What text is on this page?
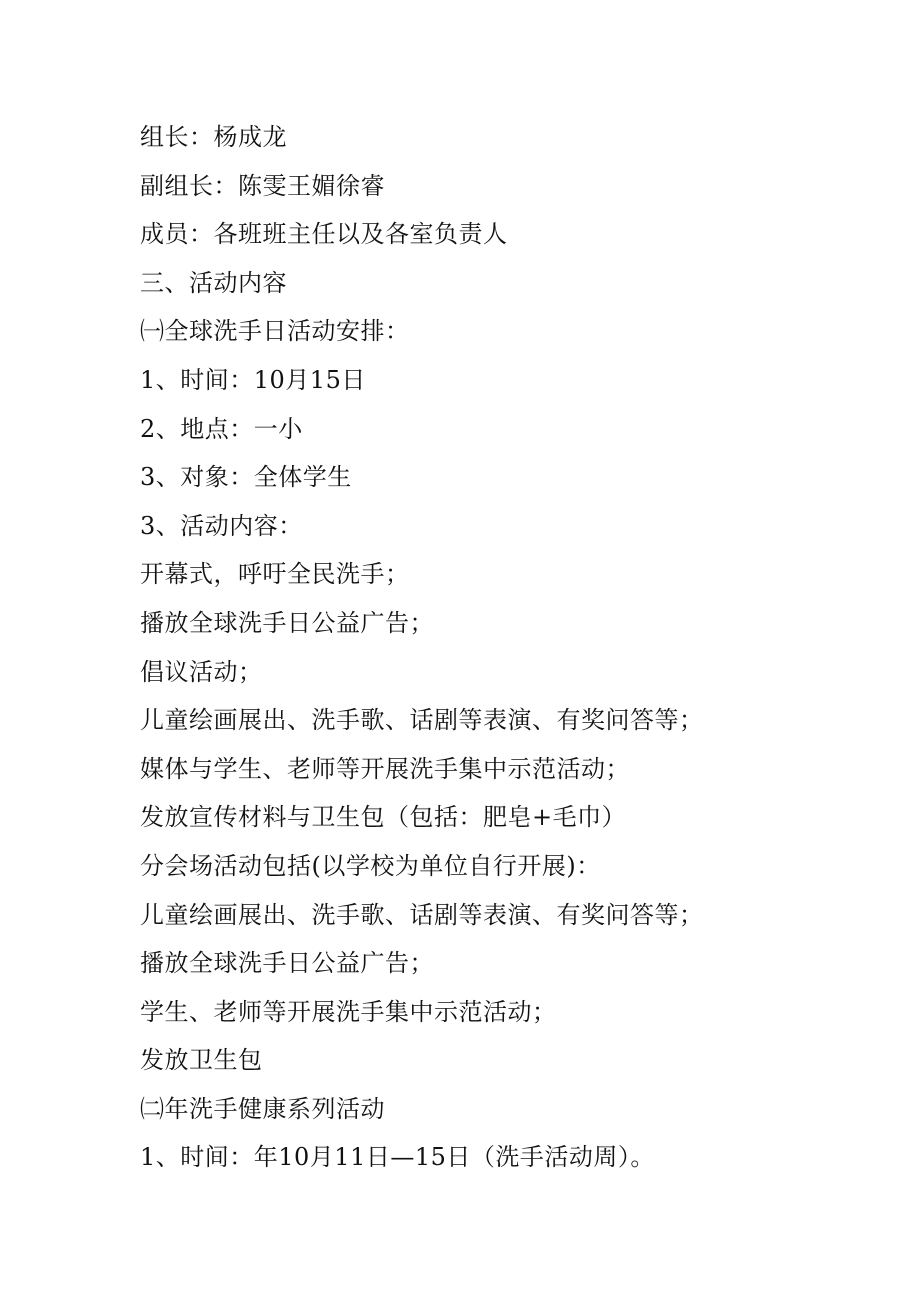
组长：杨成龙
副组长：陈雯王媚徐睿
成员：各班班主任以及各室负责人
三、活动内容
㈠全球洗手日活动安排：
1、时间：10月15日
2、地点：一小
3、对象：全体学生
3、活动内容：
开幕式，呼吁全民洗手；
播放全球洗手日公益广告；
倡议活动；
儿童绘画展出、洗手歌、话剧等表演、有奖问答等；
媒体与学生、老师等开展洗手集中示范活动；
发放宣传材料与卫生包（包括：肥皂+毛巾）
分会场活动包括(以学校为单位自行开展)：
儿童绘画展出、洗手歌、话剧等表演、有奖问答等；
播放全球洗手日公益广告；
学生、老师等开展洗手集中示范活动；
发放卫生包
㈡年洗手健康系列活动
1、时间：年10月11日—15日（洗手活动周）。
